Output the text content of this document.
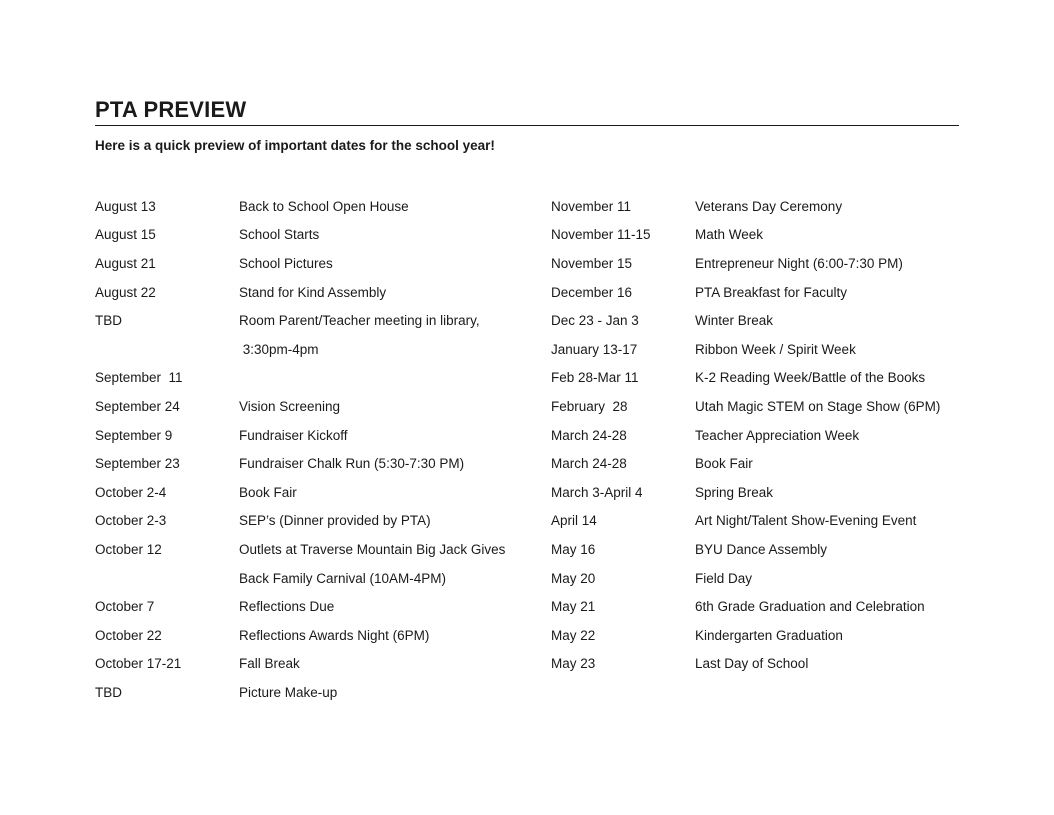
PTA PREVIEW
Here is a quick preview of important dates for the school year!
August 13	Back to School Open House
August 15	School Starts
August 21	School Pictures
August 22	Stand for Kind Assembly
TBD	Room Parent/Teacher meeting in library,
3:30pm-4pm
September  11
September 24	Vision Screening
September 9	Fundraiser Kickoff
September 23	Fundraiser Chalk Run (5:30-7:30 PM)
October 2-4	Book Fair
October 2-3	SEP’s (Dinner provided by PTA)
October 12	Outlets at Traverse Mountain Big Jack Gives
Back Family Carnival (10AM-4PM)
October 7	Reflections Due
October 22	Reflections Awards Night (6PM)
October 17-21	Fall Break
TBD	Picture Make-up
November 11	Veterans Day Ceremony
November 11-15	Math Week
November 15	Entrepreneur Night (6:00-7:30 PM)
December 16	PTA Breakfast for Faculty
Dec 23 - Jan 3	Winter Break
January 13-17	Ribbon Week / Spirit Week
Feb 28-Mar 11	K-2 Reading Week/Battle of the Books
February  28	Utah Magic STEM on Stage Show (6PM)
March 24-28	Teacher Appreciation Week
March 24-28	Book Fair
March 3-April 4	Spring Break
April 14	Art Night/Talent Show-Evening Event
May 16	BYU Dance Assembly
May 20	Field Day
May 21	6th Grade Graduation and Celebration
May 22	Kindergarten Graduation
May 23	Last Day of School
